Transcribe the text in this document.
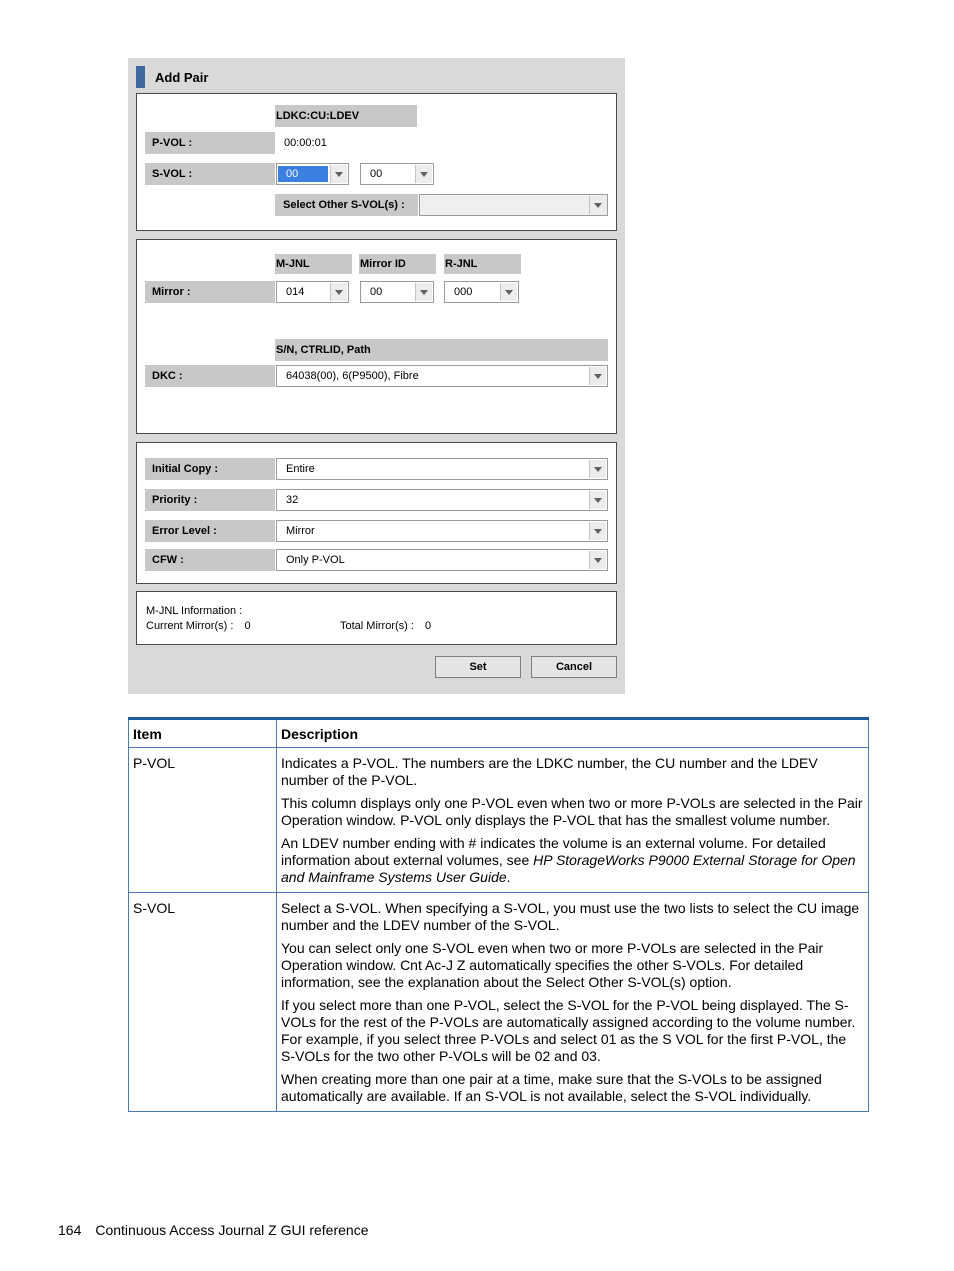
Add Pair
LDKC:CU:LDEV
P-VOL :	00:00:01
S-VOL :	00	00
Select Other S-VOL(s) :
M-JNL	Mirror ID	R-JNL
Mirror :	014	00	000
S/N, CTRLID, Path
DKC :	64038(00), 6(P9500), Fibre
Initial Copy :	Entire
Priority :	32
Error Level :	Mirror
CFW :	Only P-VOL
M-JNL Information :
Current Mirror(s) : 0	Total Mirror(s) : 0
Set	Cancel
Item	Description
P-VOL	Indicates a P-VOL. The numbers are the LDKC number, the CU number and the LDEV number of the P-VOL.

This column displays only one P-VOL even when two or more P-VOLs are selected in the Pair Operation window. P-VOL only displays the P-VOL that has the smallest volume number.

An LDEV number ending with # indicates the volume is an external volume. For detailed information about external volumes, see HP StorageWorks P9000 External Storage for Open and Mainframe Systems User Guide.

S-VOL	Select a S-VOL. When specifying a S-VOL, you must use the two lists to select the CU image number and the LDEV number of the S-VOL.

You can select only one S-VOL even when two or more P-VOLs are selected in the Pair Operation window. Cnt Ac-J Z automatically specifies the other S-VOLs. For detailed information, see the explanation about the Select Other S-VOL(s) option.

If you select more than one P-VOL, select the S-VOL for the P-VOL being displayed. The S-VOLs for the rest of the P-VOLs are automatically assigned according to the volume number. For example, if you select three P-VOLs and select 01 as the S VOL for the first P-VOL, the S-VOLs for the two other P-VOLs will be 02 and 03.

When creating more than one pair at a time, make sure that the S-VOLs to be assigned automatically are available. If an S-VOL is not available, select the S-VOL individually.

164 Continuous Access Journal Z GUI reference
